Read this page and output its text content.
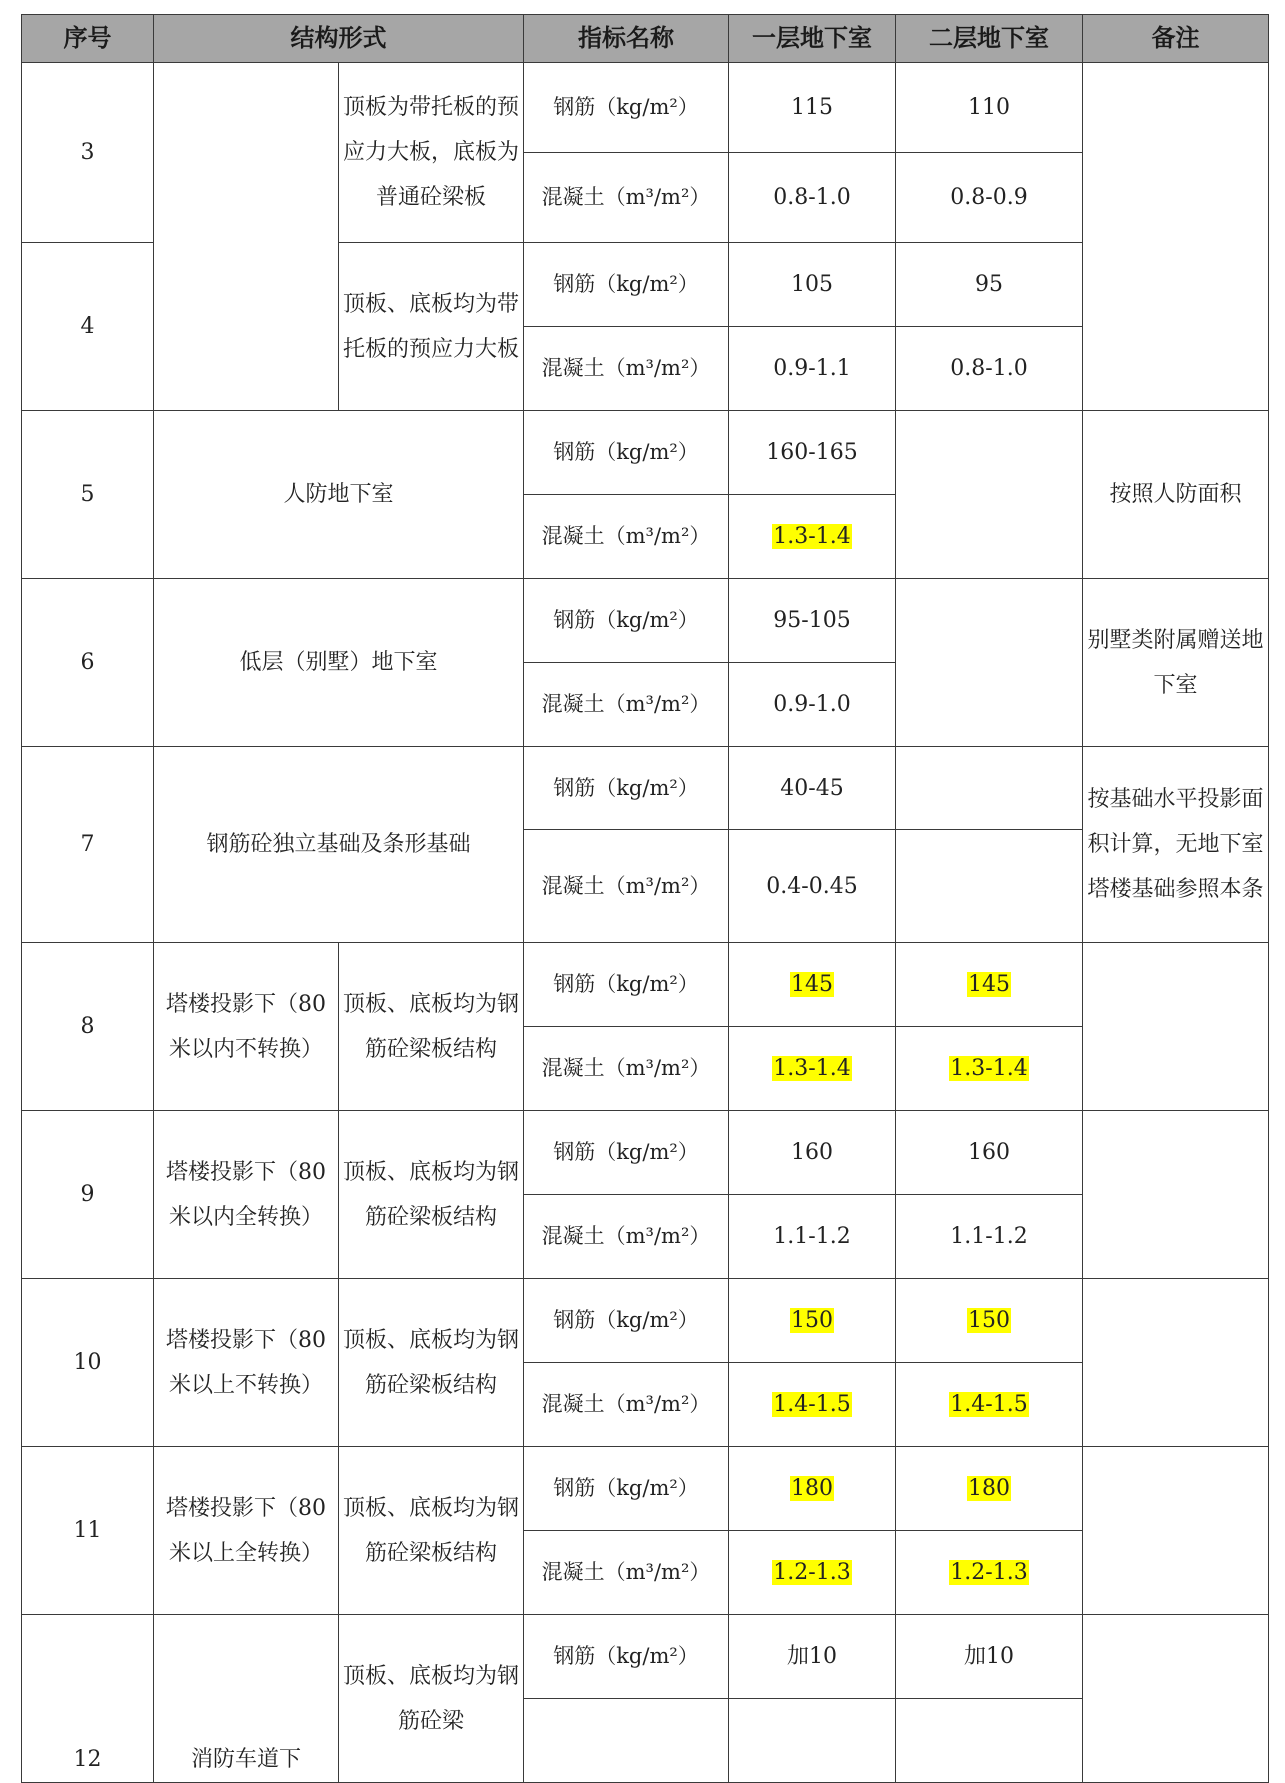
序号	结构形式		指标名称	一层地下室	二层地下室	备注
3		顶板为带托板的预应力大板，底板为普通砼梁板	钢筋（kg/m²）	115	110	
			混凝土（m³/m²）	0.8-1.0	0.8-0.9	
4		顶板、底板均为带托板的预应力大板	钢筋（kg/m²）	105	95	
			混凝土（m³/m²）	0.9-1.1	0.8-1.0	
5	人防地下室		钢筋（kg/m²）	160-165		按照人防面积
			混凝土（m³/m²）	1.3-1.4		
6	低层（别墅）地下室		钢筋（kg/m²）	95-105		别墅类附属赠送地下室
			混凝土（m³/m²）	0.9-1.0		
7	钢筋砼独立基础及条形基础		钢筋（kg/m²）	40-45		按基础水平投影面积计算，无地下室塔楼基础参照本条
			混凝土（m³/m²）	0.4-0.45		
8	塔楼投影下（80米以内不转换）	顶板、底板均为钢筋砼梁板结构	钢筋（kg/m²）	145	145	
			混凝土（m³/m²）	1.3-1.4	1.3-1.4	
9	塔楼投影下（80米以内全转换）	顶板、底板均为钢筋砼梁板结构	钢筋（kg/m²）	160	160	
			混凝土（m³/m²）	1.1-1.2	1.1-1.2	
10	塔楼投影下（80米以上不转换）	顶板、底板均为钢筋砼梁板结构	钢筋（kg/m²）	150	150	
			混凝土（m³/m²）	1.4-1.5	1.4-1.5	
11	塔楼投影下（80米以上全转换）	顶板、底板均为钢筋砼梁板结构	钢筋（kg/m²）	180	180	
			混凝土（m³/m²）	1.2-1.3	1.2-1.3	
12	消防车道下	顶板、底板均为钢筋砼梁	钢筋（kg/m²）	加10	加10	
